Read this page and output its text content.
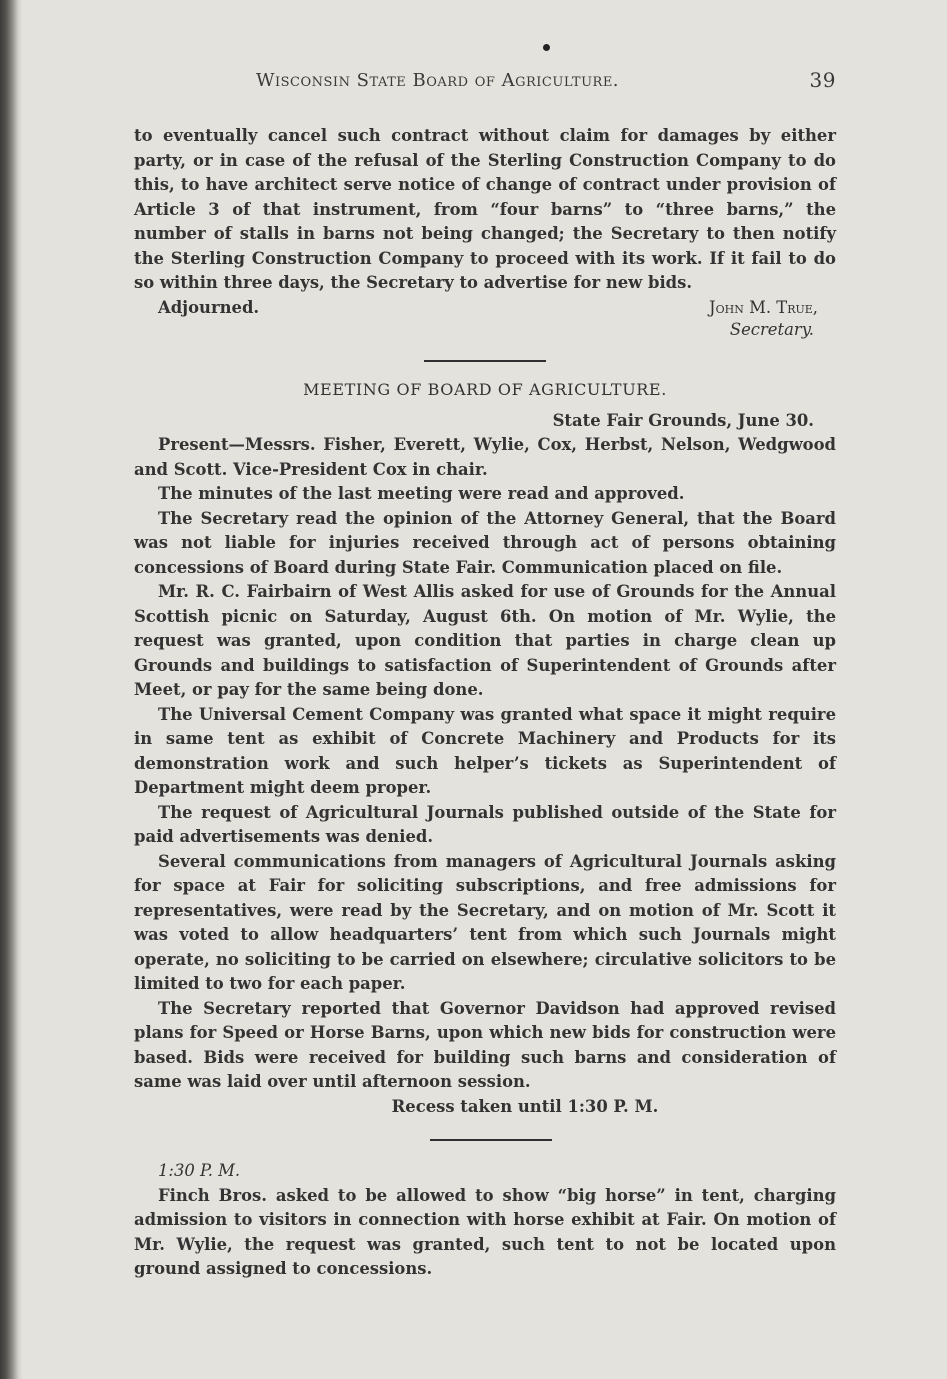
Wisconsin State Board of Agriculture.	39

to eventually cancel such contract without claim for damages by either party, or in case of the refusal of the Sterling Construction Company to do this, to have architect serve notice of change of contract under provision of Article 3 of that instrument, from “four barns” to “three barns,” the number of stalls in barns not being changed; the Secretary to then notify the Sterling Construction Company to proceed with its work. If it fail to do so within three days, the Secretary to advertise for new bids.

Adjourned.	John M. True,
Secretary.
MEETING OF BOARD OF AGRICULTURE.
State Fair Grounds, June 30.

Present—Messrs. Fisher, Everett, Wylie, Cox, Herbst, Nelson, Wedgwood and Scott. Vice-President Cox in chair.

The minutes of the last meeting were read and approved.

The Secretary read the opinion of the Attorney General, that the Board was not liable for injuries received through act of persons obtaining concessions of Board during State Fair. Communication placed on file.

Mr. R. C. Fairbairn of West Allis asked for use of Grounds for the Annual Scottish picnic on Saturday, August 6th. On motion of Mr. Wylie, the request was granted, upon condition that parties in charge clean up Grounds and buildings to satisfaction of Superintendent of Grounds after Meet, or pay for the same being done.

The Universal Cement Company was granted what space it might require in same tent as exhibit of Concrete Machinery and Products for its demonstration work and such helper’s tickets as Superintendent of Department might deem proper.

The request of Agricultural Journals published outside of the State for paid advertisements was denied.

Several communications from managers of Agricultural Journals asking for space at Fair for soliciting subscriptions, and free admissions for representatives, were read by the Secretary, and on motion of Mr. Scott it was voted to allow headquarters’ tent from which such Journals might operate, no soliciting to be carried on elsewhere; circulative solicitors to be limited to two for each paper.

The Secretary reported that Governor Davidson had approved revised plans for Speed or Horse Barns, upon which new bids for construction were based. Bids were received for building such barns and consideration of same was laid over until afternoon session.

Recess taken until 1:30 P. M.

1:30 P. M.

Finch Bros. asked to be allowed to show “big horse” in tent, charging admission to visitors in connection with horse exhibit at Fair. On motion of Mr. Wylie, the request was granted, such tent to not be located upon ground assigned to concessions.
